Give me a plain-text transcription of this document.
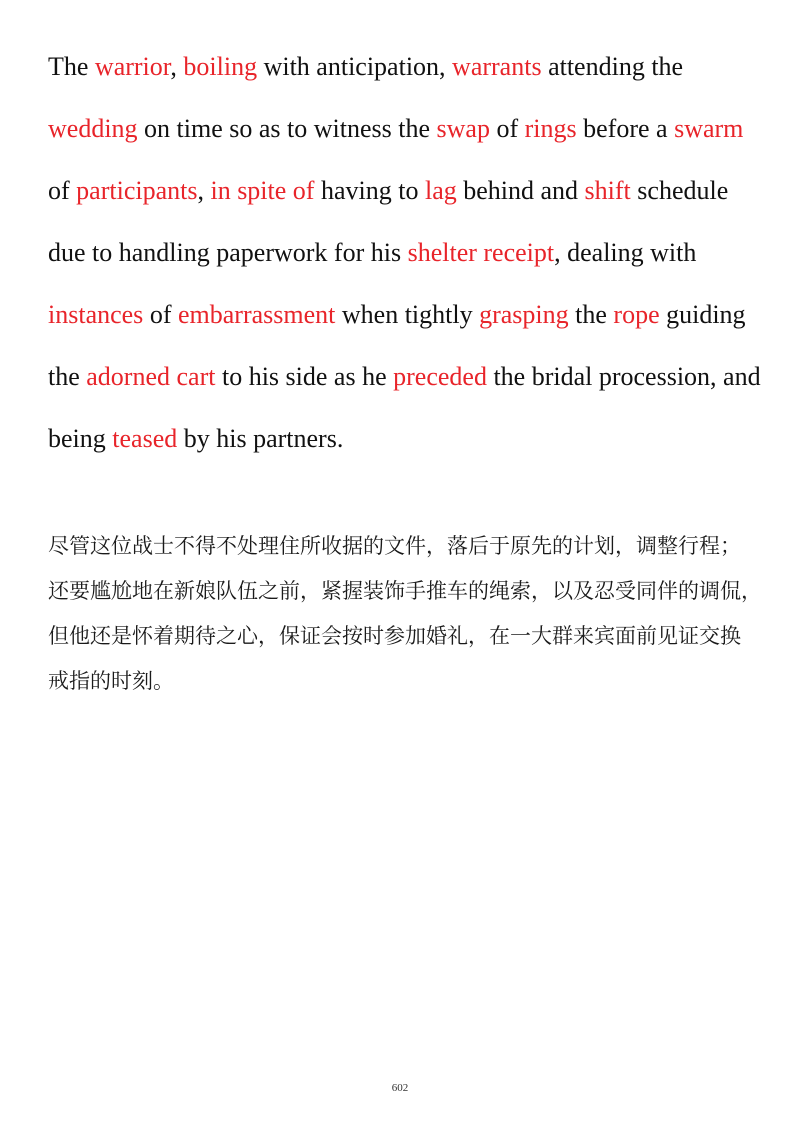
The warrior, boiling with anticipation, warrants attending the wedding on time so as to witness the swap of rings before a swarm of participants, in spite of having to lag behind and shift schedule due to handling paperwork for his shelter receipt, dealing with instances of embarrassment when tightly grasping the rope guiding the adorned cart to his side as he preceded the bridal procession, and being teased by his partners.

尽管这位战士不得不处理住所收据的文件，落后于原先的计划，调整行程；
还要尴尬地在新娘队伍之前，紧握装饰手推车的绳索，以及忍受同伴的调侃，
但他还是怀着期待之心，保证会按时参加婚礼，在一大群来宾面前见证交换
戒指的时刻。

602
